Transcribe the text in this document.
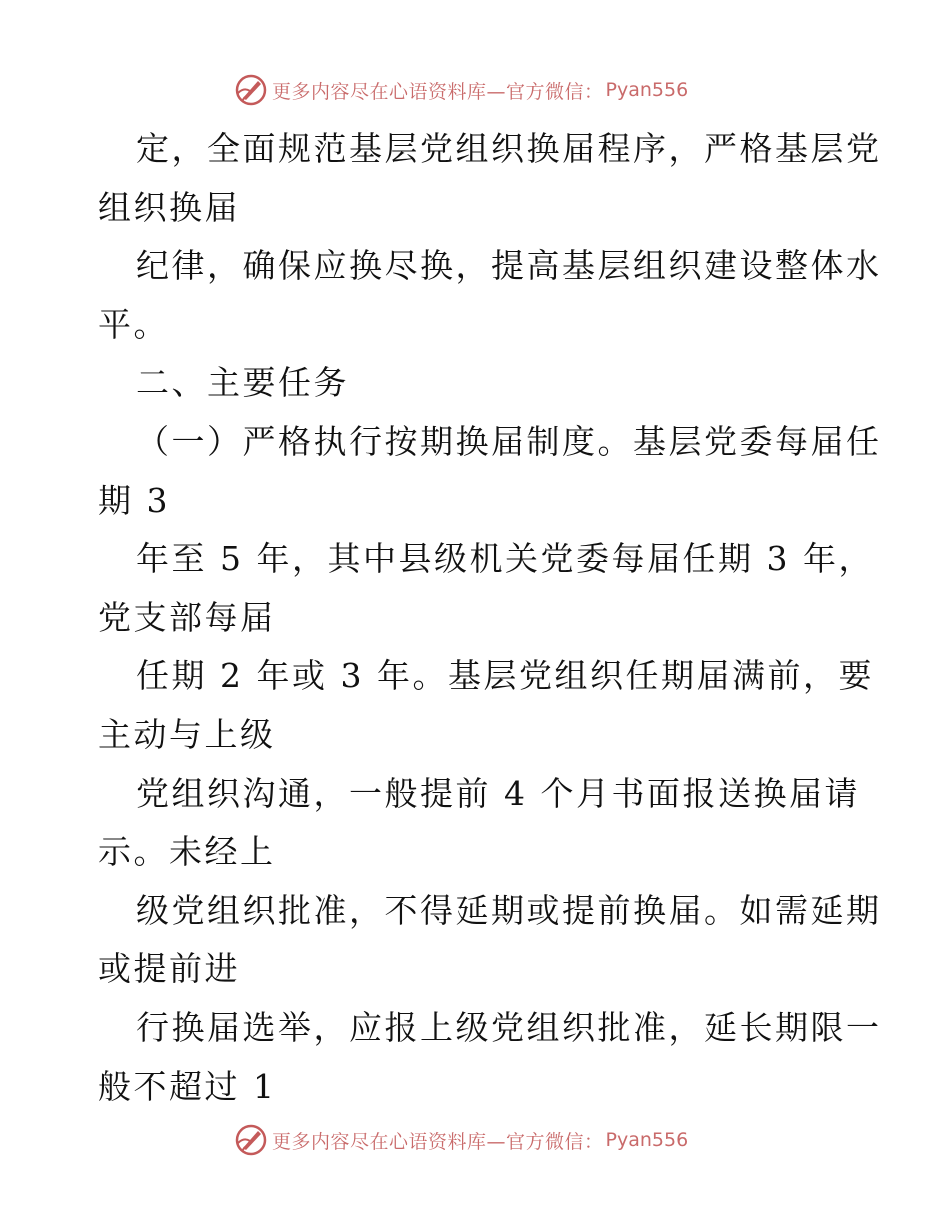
更多内容尽在心语资料库—官方微信： Pyan556
定，全面规范基层党组织换届程序，严格基层党
组织换届
纪律，确保应换尽换，提高基层组织建设整体水
平。
二、主要任务
（一）严格执行按期换届制度。基层党委每届任
期 3
年至 5 年，其中县级机关党委每届任期 3 年，
党支部每届
任期 2 年或 3 年。基层党组织任期届满前，要
主动与上级
党组织沟通，一般提前 4 个月书面报送换届请
示。未经上
级党组织批准，不得延期或提前换届。如需延期
或提前进
行换届选举，应报上级党组织批准，延长期限一
般不超过 1
更多内容尽在心语资料库—官方微信： Pyan556
